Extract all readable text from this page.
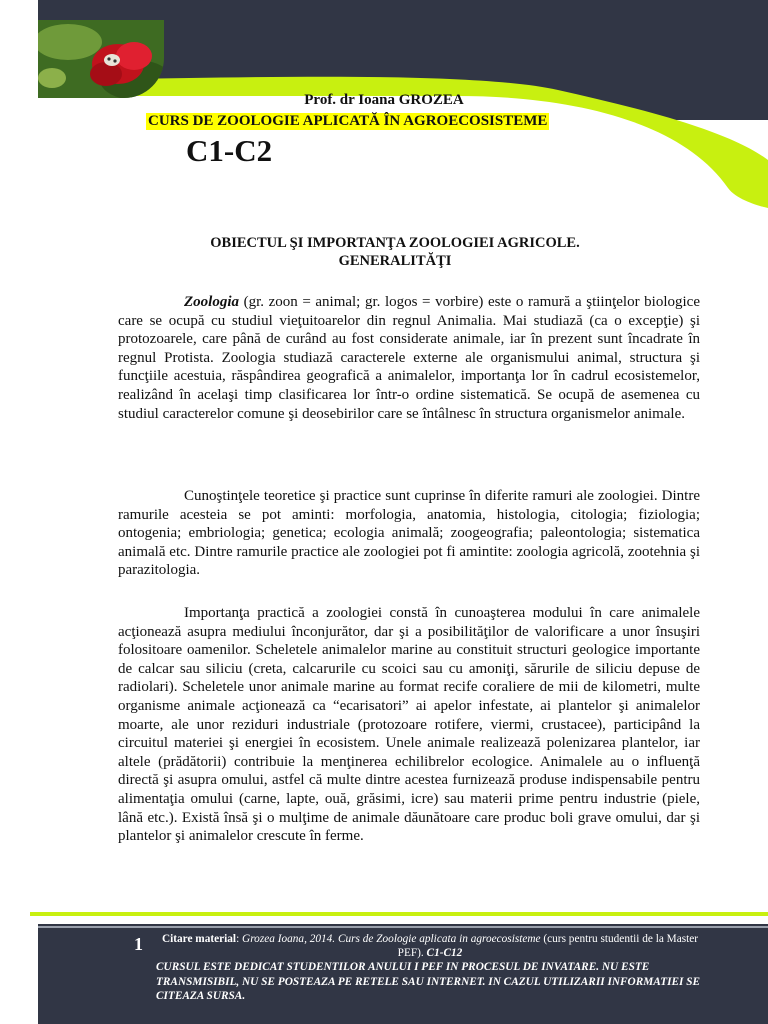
Prof. dr Ioana GROZEA
CURS DE ZOOLOGIE APLICATĂ ÎN AGROECOSISTEME
C1-C2
OBIECTUL ŞI IMPORTANŢA ZOOLOGIEI AGRICOLE.
GENERALITĂŢI
Zoologia (gr. zoon = animal; gr. logos = vorbire) este o ramură a ştiinţelor biologice care se ocupă cu studiul vieţuitoarelor din regnul Animalia. Mai studiază (ca o excepţie) şi protozoarele, care până de curând au fost considerate animale, iar în prezent sunt încadrate în regnul Protista. Zoologia studiază caracterele externe ale organismului animal, structura şi funcţiile acestuia, răspândirea geografică a animalelor, importanţa lor în cadrul ecosistemelor, realizând în acelaşi timp clasificarea lor într-o ordine sistematică. Se ocupă de asemenea cu studiul caracterelor comune şi deosebirilor care se întâlnesc în structura organismelor animale.
Cunoştinţele teoretice şi practice sunt cuprinse în diferite ramuri ale zoologiei. Dintre ramurile acesteia se pot aminti: morfologia, anatomia, histologia, citologia; fiziologia; ontogenia; embriologia; genetica; ecologia animală; zoogeografia; paleontologia; sistematica animală etc. Dintre ramurile practice ale zoologiei pot fi amintite: zoologia agricolă, zootehnia şi parazitologia.
Importanţa practică a zoologiei constă în cunoaşterea modului în care animalele acţionează asupra mediului înconjurător, dar şi a posibilităţilor de valorificare a unor însuşiri folositoare oamenilor. Scheletele animalelor marine au constituit structuri geologice importante de calcar sau siliciu (creta, calcarurile cu scoici sau cu amoniţi, sărurile de siliciu depuse de radiolari). Scheletele unor animale marine au format recife coraliere de mii de kilometri, multe organisme animale acţionează ca “ecarisatori” ai apelor infestate, ai plantelor şi animalelor moarte, ale unor reziduri industriale (protozoare rotifere, viermi, crustacee), participând la circuitul materiei şi energiei în ecosistem. Unele animale realizează polenizarea plantelor, iar altele (prădătorii) contribuie la menţinerea echilibrelor ecologice. Animalele au o influenţă directă şi asupra omului, astfel că multe dintre acestea furnizează produse indispensabile pentru alimentaţia omului (carne, lapte, ouă, grăsimi, icre) sau materii prime pentru industrie (piele, lână etc.). Există însă şi o mulţime de animale dăunătoare care produc boli grave omului, dar şi plantelor şi animalelor crescute în ferme.
1	Citare material: Grozea Ioana, 2014. Curs de Zoologie aplicata in agroecosisteme (curs pentru studentii de la Master PEF). C1-C12
CURSUL ESTE DEDICAT STUDENTILOR ANULUI I PEF IN PROCESUL DE INVATARE. NU ESTE TRANSMISIBIL, NU SE POSTEAZA PE RETELE SAU INTERNET. IN CAZUL UTILIZARII INFORMATIEI SE CITEAZA SURSA.
